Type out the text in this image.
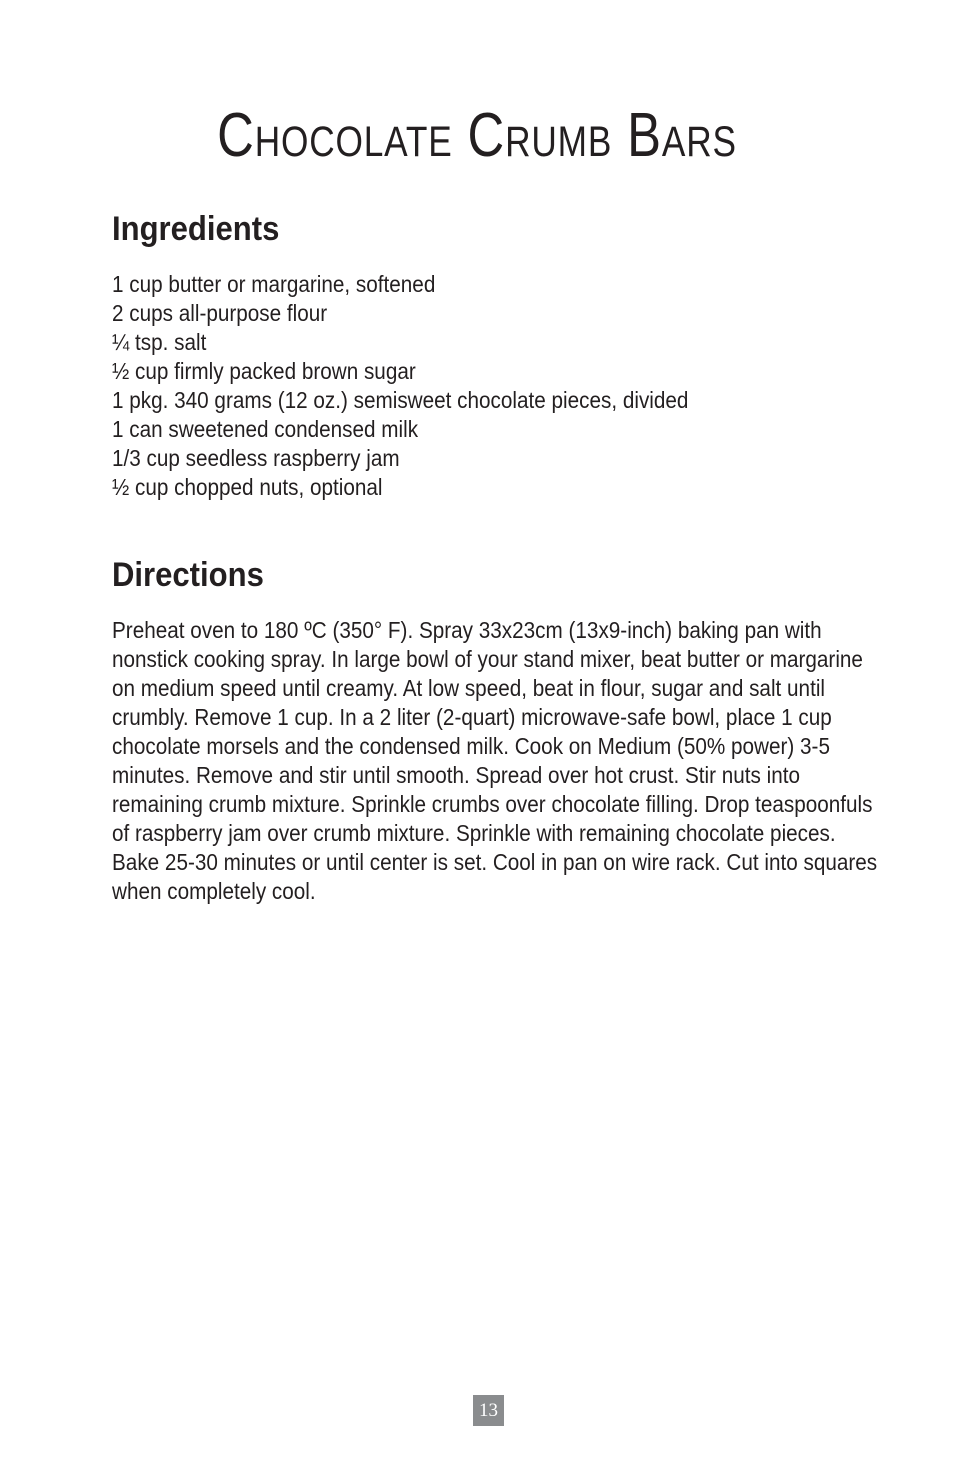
Chocolate Crumb Bars
Ingredients
1 cup butter or margarine, softened
2 cups all-purpose flour
¼ tsp. salt
½ cup firmly packed brown sugar
1 pkg. 340 grams (12 oz.) semisweet chocolate pieces, divided
1 can sweetened condensed milk
1/3 cup seedless raspberry jam
½ cup chopped nuts, optional
Directions

Preheat oven to 180 ºC (350° F). Spray 33x23cm (13x9-inch) baking pan with nonstick cooking spray. In large bowl of your stand mixer, beat butter or margarine on medium speed until creamy. At low speed, beat in flour, sugar and salt until crumbly. Remove 1 cup. In a 2 liter (2-quart) microwave-safe bowl, place 1 cup chocolate morsels and the condensed milk. Cook on Medium (50% power) 3-5 minutes. Remove and stir until smooth. Spread over hot crust. Stir nuts into remaining crumb mixture. Sprinkle crumbs over chocolate filling. Drop teaspoonfuls of raspberry jam over crumb mixture. Sprinkle with remaining chocolate pieces. Bake 25-30 minutes or until center is set. Cool in pan on wire rack. Cut into squares when completely cool.

13
